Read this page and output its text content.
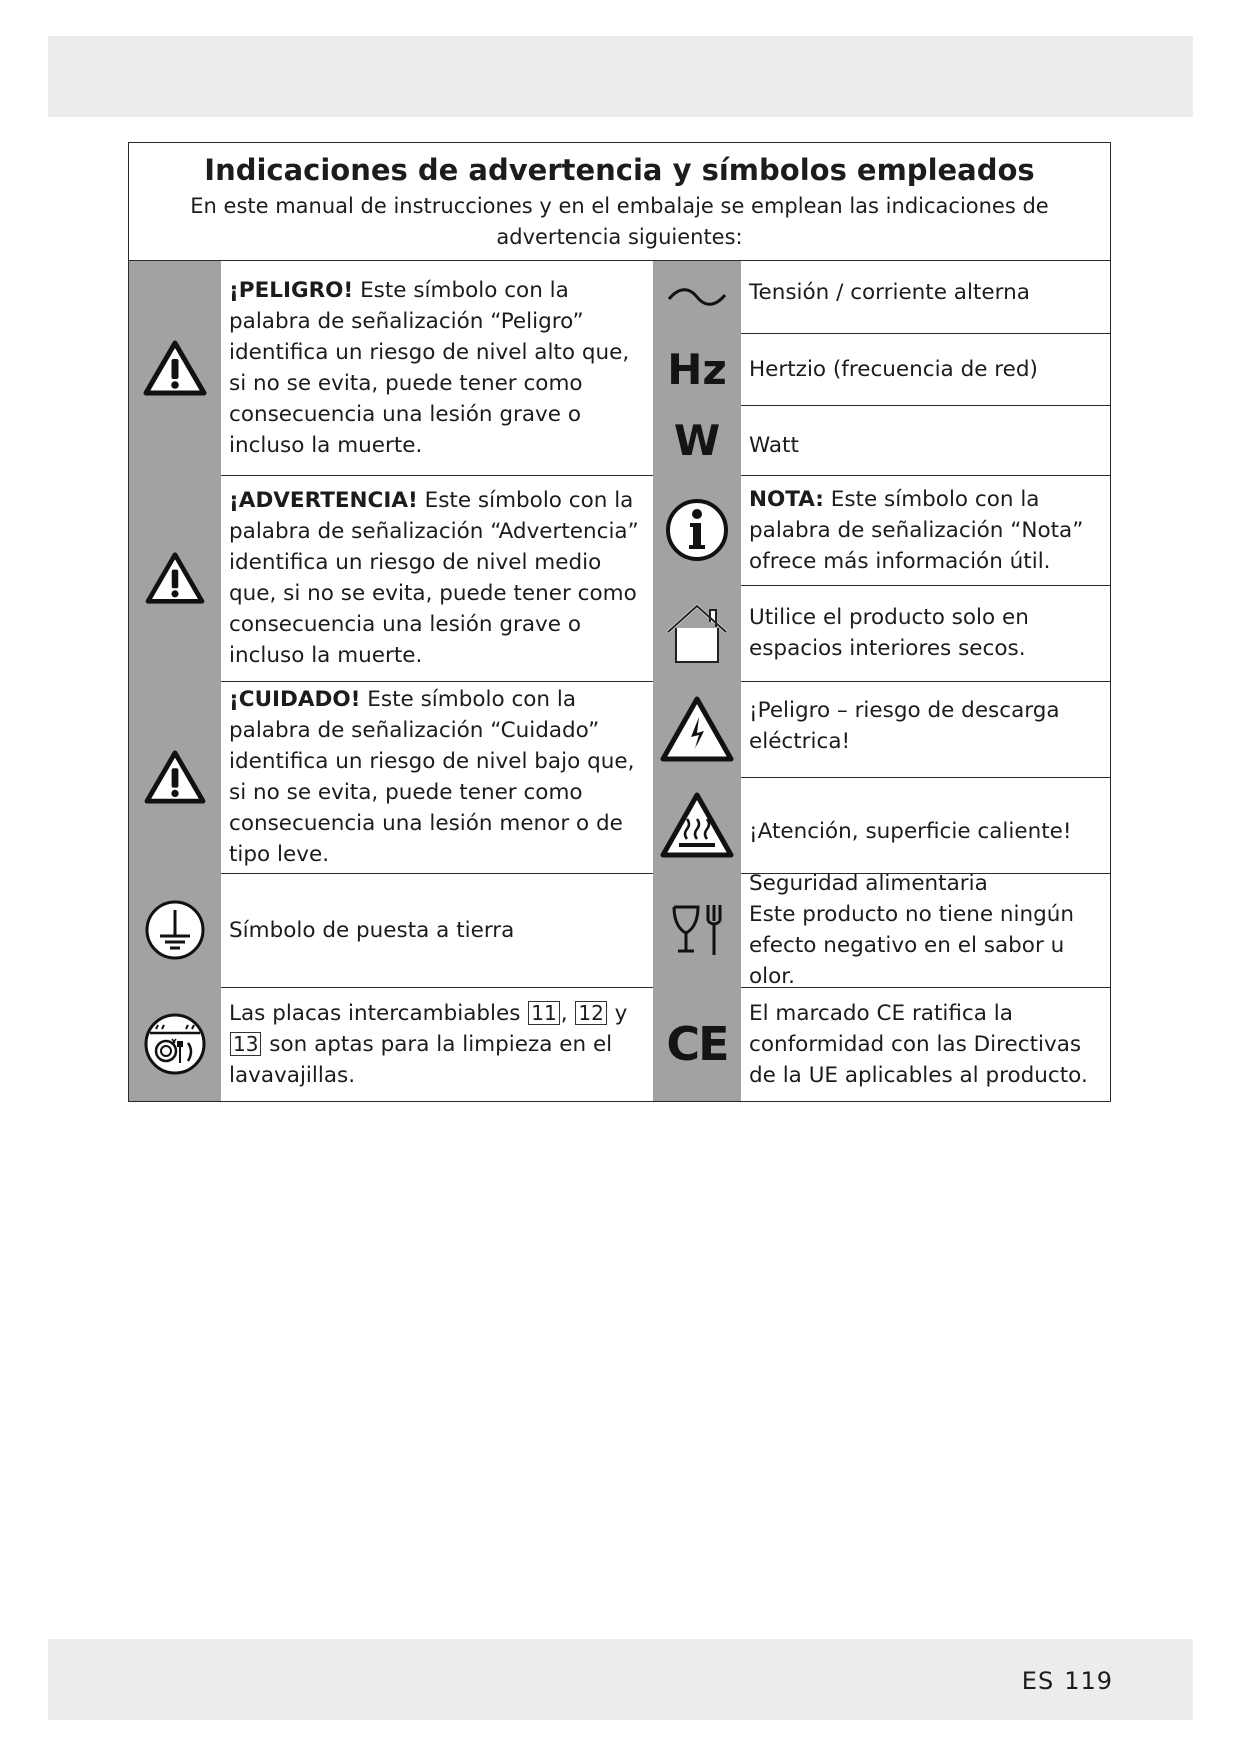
Indicaciones de advertencia y símbolos empleados

En este manual de instrucciones y en el embalaje se emplean las indicaciones de advertencia siguientes:

¡PELIGRO! Este símbolo con la palabra de señalización “Peligro” identifica un riesgo de nivel alto que, si no se evita, puede tener como consecuencia una lesión grave o incluso la muerte.
¡ADVERTENCIA! Este símbolo con la palabra de señalización “Advertencia” identifica un riesgo de nivel medio que, si no se evita, puede tener como consecuencia una lesión grave o incluso la muerte.
¡CUIDADO! Este símbolo con la palabra de señalización “Cuidado” identifica un riesgo de nivel bajo que, si no se evita, puede tener como consecuencia una lesión menor o de tipo leve.
Símbolo de puesta a tierra
Las placas intercambiables 11 , 12 y 13 son aptas para la limpieza en el lavavajillas.
Tensión / corriente alterna
Hz Hertzio (frecuencia de red)
W Watt
NOTA: Este símbolo con la palabra de señalización “Nota” ofrece más información útil.
Utilice el producto solo en espacios interiores secos.
¡Peligro – riesgo de descarga eléctrica!
¡Atención, superficie caliente!
Seguridad alimentaria
Este producto no tiene ningún efecto negativo en el sabor u olor.
CE
El marcado CE ratifica la conformidad con las Directivas de la UE aplicables al producto.
ES 119
